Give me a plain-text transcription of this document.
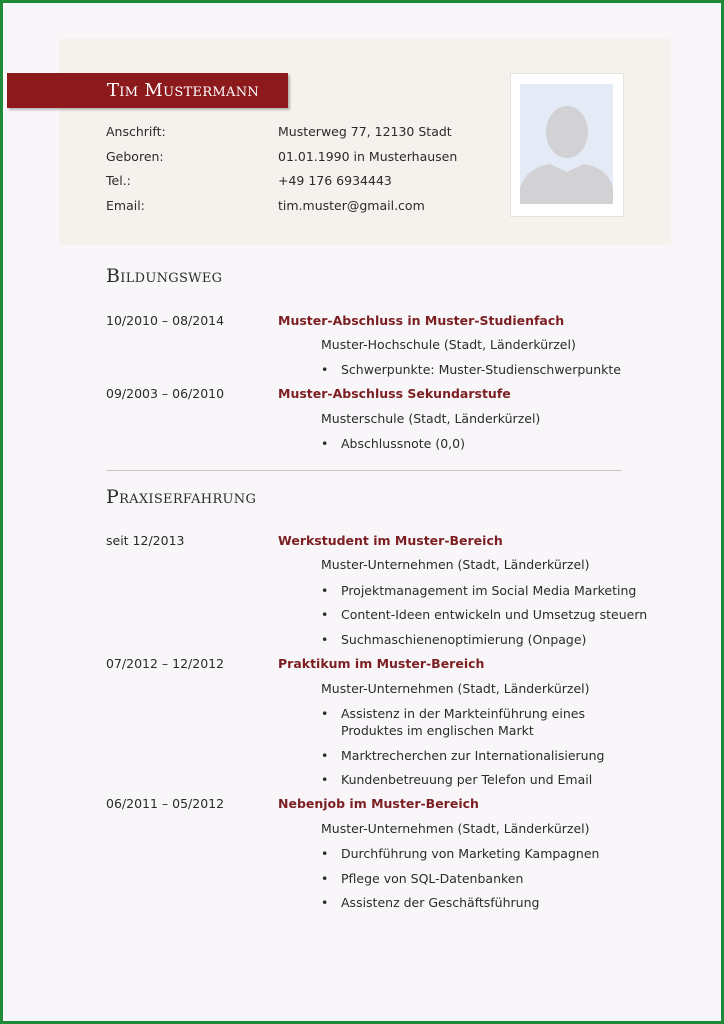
Tim Mustermann
Anschrift:	Musterweg 77, 12130 Stadt
Geboren:	01.01.1990 in Musterhausen
Tel.:	+49 176 6934443
Email:	tim.muster@gmail.com
Bildungsweg
10/2010 – 08/2014	Muster-Abschluss in Muster-Studienfach
Muster-Hochschule (Stadt, Länderkürzel)
• Schwerpunkte: Muster-Studienschwerpunkte
09/2003 – 06/2010	Muster-Abschluss Sekundarstufe
Musterschule (Stadt, Länderkürzel)
• Abschlussnote (0,0)
Praxiserfahrung
seit 12/2013	Werkstudent im Muster-Bereich
Muster-Unternehmen (Stadt, Länderkürzel)
• Projektmanagement im Social Media Marketing
• Content-Ideen entwickeln und Umsetzug steuern
• Suchmaschienenoptimierung (Onpage)
07/2012 – 12/2012	Praktikum im Muster-Bereich
Muster-Unternehmen (Stadt, Länderkürzel)
• Assistenz in der Markteinführung eines
Produktes im englischen Markt
• Marktrecherchen zur Internationalisierung
• Kundenbetreuung per Telefon und Email
06/2011 – 05/2012	Nebenjob im Muster-Bereich
Muster-Unternehmen (Stadt, Länderkürzel)
• Durchführung von Marketing Kampagnen
• Pflege von SQL-Datenbanken
• Assistenz der Geschäftsführung
